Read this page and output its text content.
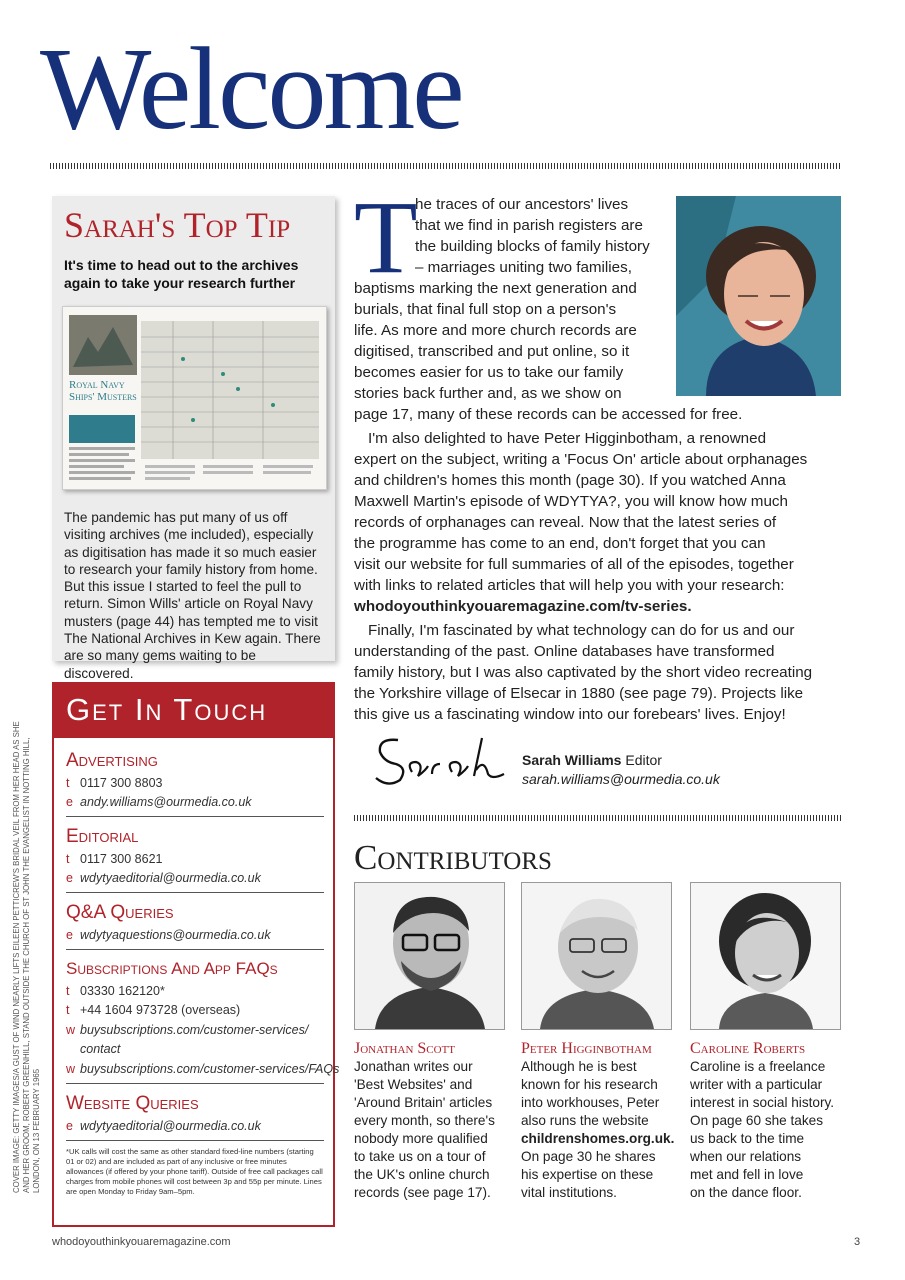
Welcome
COVER IMAGE: GETTY IMAGES/A GUST OF WIND NEARLY LIFTS EILEEN PETTICREW'S BRIDAL VEIL FROM HER HEAD AS SHE AND HER GROOM, ROBERT GREENHILL, STAND OUTSIDE THE CHURCH OF ST JOHN THE EVANGELIST IN NOTTING HILL, LONDON, ON 13 FEBRUARY 1965
Sarah's Top Tip
It's time to head out to the archives again to take your research further
Royal Navy Ships' Musters
The pandemic has put many of us off visiting archives (me included), especially as digitisation has made it so much easier to research your family history from home. But this issue I started to feel the pull to return. Simon Wills' article on Royal Navy musters (page 44) has tempted me to visit The National Archives in Kew again. There are so many gems waiting to be discovered.
Get In Touch
Advertising
t 0117 300 8803
e andy.williams@ourmedia.co.uk
Editorial
t 0117 300 8621
e wdytyaeditorial@ourmedia.co.uk
Q&A Queries
e wdytyaquestions@ourmedia.co.uk
Subscriptions And App FAQs
t 03330 162120*
t +44 1604 973728 (overseas)
w buysubscriptions.com/customer-services/
contact
w buysubscriptions.com/customer-services/FAQs
Website Queries
e wdytyaeditorial@ourmedia.co.uk
*UK calls will cost the same as other standard fixed-line numbers (starting 01 or 02) and are included as part of any inclusive or free minutes allowances (if offered by your phone tariff). Outside of free call packages call charges from mobile phones will cost between 3p and 55p per minute. Lines are open Monday to Friday 9am–5pm.
T
he traces of our ancestors' lives
that we find in parish registers are
the building blocks of family history
– marriages uniting two families,
baptisms marking the next generation and
burials, that final full stop on a person's
life. As more and more church records are
digitised, transcribed and put online, so it
becomes easier for us to take our family
stories back further and, as we show on
page 17, many of these records can be accessed for free.
I'm also delighted to have Peter Higginbotham, a renowned
expert on the subject, writing a 'Focus On' article about orphanages
and children's homes this month (page 30). If you watched Anna
Maxwell Martin's episode of WDYTYA?, you will know how much
records of orphanages can reveal. Now that the latest series of
the programme has come to an end, don't forget that you can
visit our website for full summaries of all of the episodes, together
with links to related articles that will help you with your research:
whodoyouthinkyouaremagazine.com/tv-series.
Finally, I'm fascinated by what technology can do for us and our
understanding of the past. Online databases have transformed
family history, but I was also captivated by the short video recreating
the Yorkshire village of Elsecar in 1880 (see page 79). Projects like
this give us a fascinating window into our forebears' lives. Enjoy!
Sarah Williams Editor
sarah.williams@ourmedia.co.uk
Contributors
Jonathan Scott	Peter Higginbotham Caroline Roberts
Jonathan writes our
'Best Websites' and
'Around Britain' articles
every month, so there's
nobody more qualified
to take us on a tour of
the UK's online church
records (see page 17).
Although he is best
known for his research
into workhouses, Peter
also runs the website
childrenshomes.org.uk.
On page 30 he shares
his expertise on these
vital institutions.
Caroline is a freelance
writer with a particular
interest in social history.
On page 60 she takes
us back to the time
when our relations
met and fell in love
on the dance floor.
whodoyouthinkyouaremagazine.com	3
